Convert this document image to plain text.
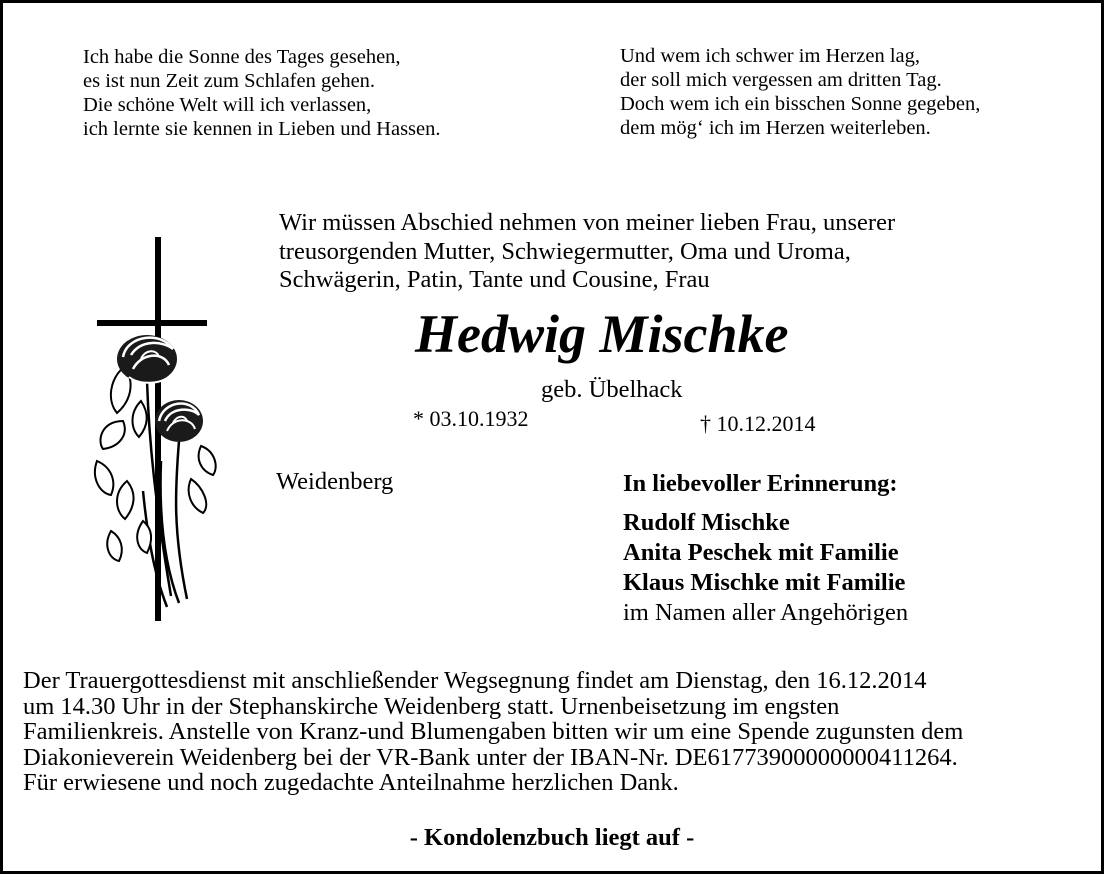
Ich habe die Sonne des Tages gesehen,
es ist nun Zeit zum Schlafen gehen.
Die schöne Welt will ich verlassen,
ich lernte sie kennen in Lieben und Hassen.
Und wem ich schwer im Herzen lag,
der soll mich vergessen am dritten Tag.
Doch wem ich ein bisschen Sonne gegeben,
dem mög‘ ich im Herzen weiterleben.
Wir müssen Abschied nehmen von meiner lieben Frau, unserer
treusorgenden Mutter, Schwiegermutter, Oma und Uroma,
Schwägerin, Patin, Tante und Cousine, Frau
Hedwig Mischke
geb. Übelhack
* 03.10.1932	† 10.12.2014
Weidenberg	In liebevoller Erinnerung:
Rudolf Mischke
Anita Peschek mit Familie
Klaus Mischke mit Familie
im Namen aller Angehörigen
Der Trauergottesdienst mit anschließender Wegsegnung findet am Dienstag, den 16.12.2014
um 14.30 Uhr in der Stephanskirche Weidenberg statt. Urnenbeisetzung im engsten
Familienkreis. Anstelle von Kranz-und Blumengaben bitten wir um eine Spende zugunsten dem
Diakonieverein Weidenberg bei der VR-Bank unter der IBAN-Nr. DE61773900000000411264.
Für erwiesene und noch zugedachte Anteilnahme herzlichen Dank.
- Kondolenzbuch liegt auf -
